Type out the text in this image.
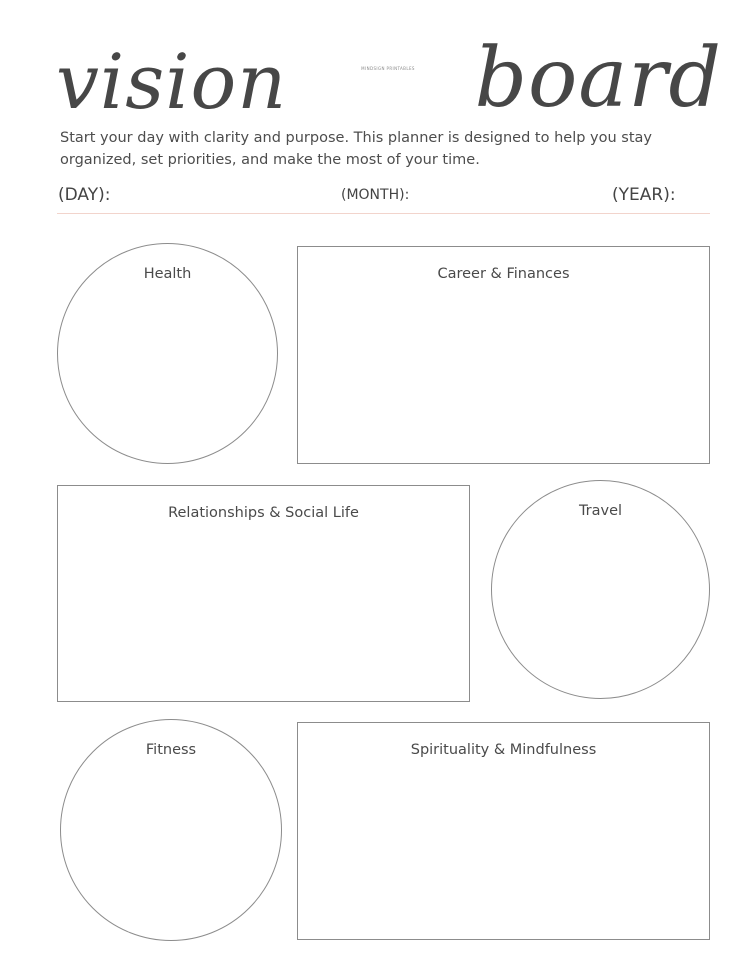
vision	MINDSIGN PRINTABLES board

Start your day with clarity and purpose. This planner is designed to help you stay organized, set priorities, and make the most of your time.

(DAY):	(MONTH):	(YEAR):
Health	Career & Finances
Relationships & Social Life	Travel
Fitness	Spirituality & Mindfulness
